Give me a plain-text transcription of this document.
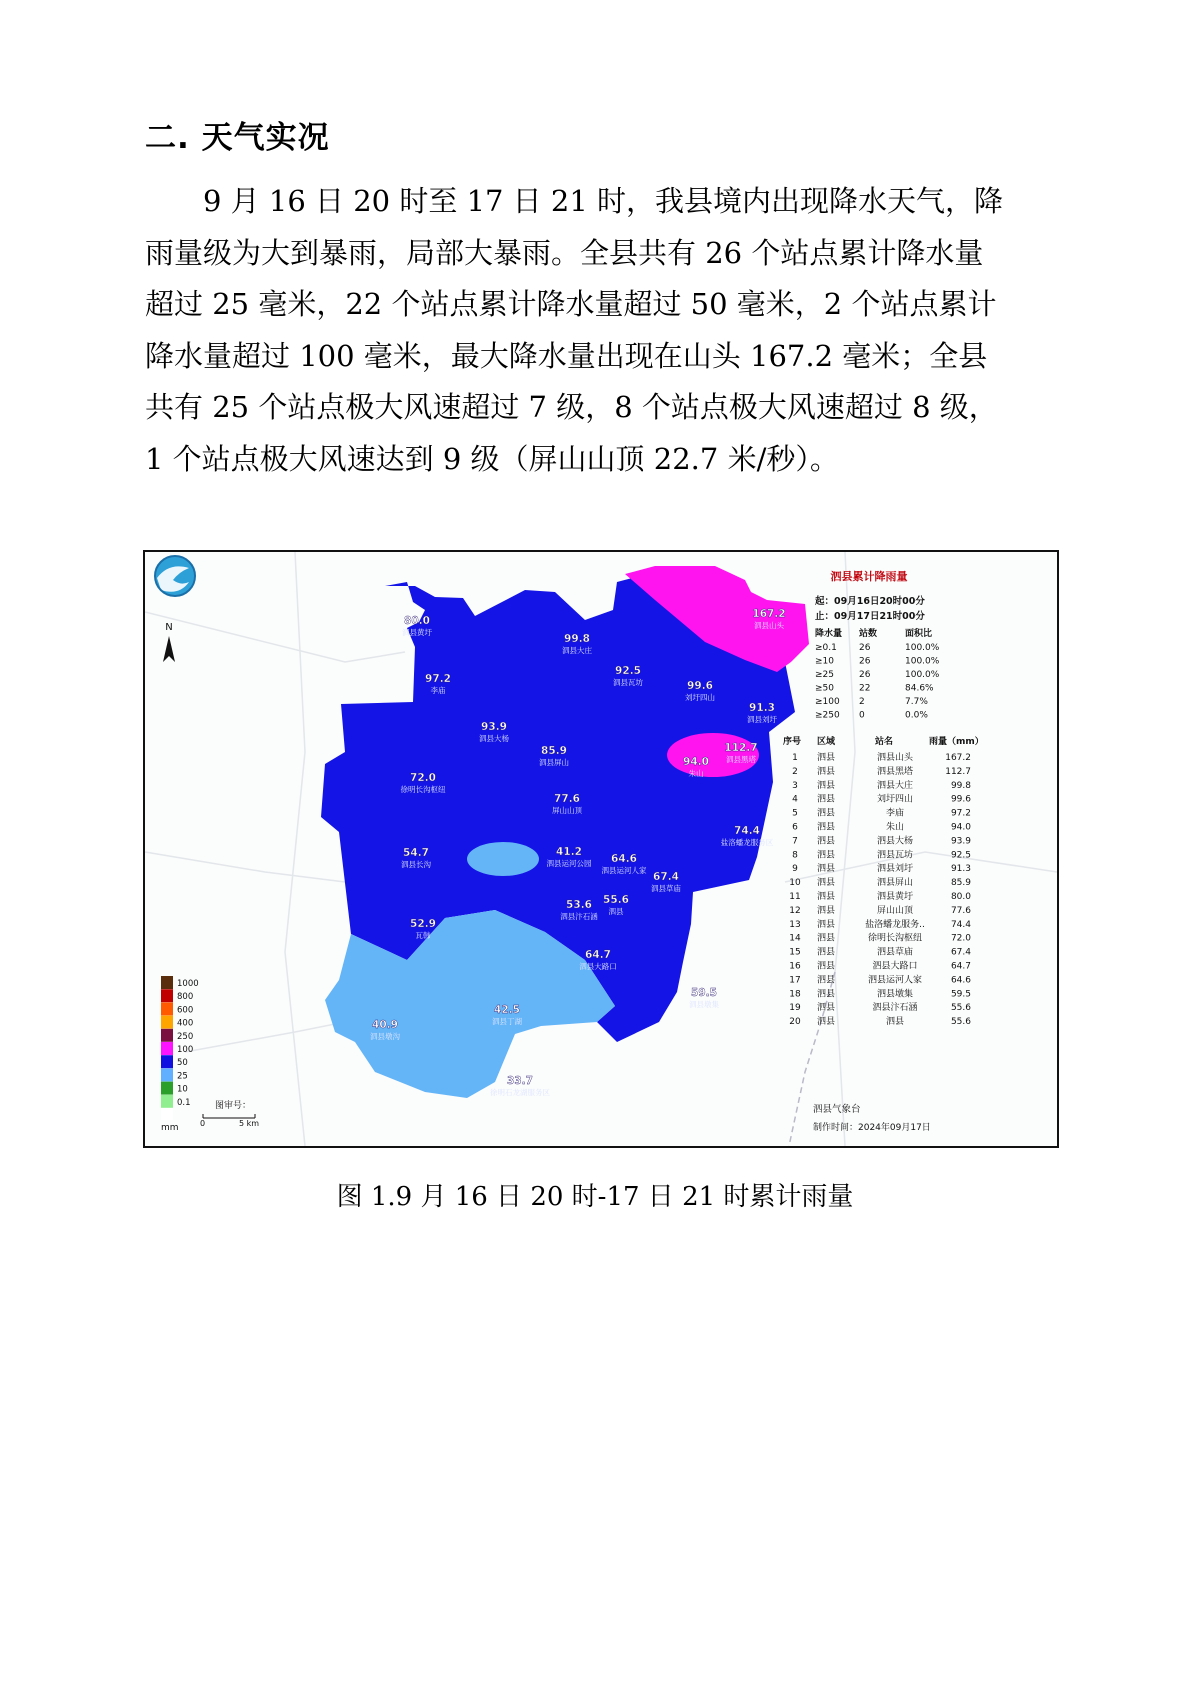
二. 天气实况
9 月 16 日 20 时至 17 日 21 时，我县境内出现降水天气，降
雨量级为大到暴雨，局部大暴雨。全县共有 26 个站点累计降水量
超过 25 毫米，22 个站点累计降水量超过 50 毫米，2 个站点累计
降水量超过 100 毫米，最大降水量出现在山头 167.2 毫米；全县
共有 25 个站点极大风速超过 7 级，8 个站点极大风速超过 8 级，
1 个站点极大风速达到 9 级（屏山山顶 22.7 米/秒）。
N
80.0
泗县黄圩
99.8
泗县大庄
167.2
泗县山头
92.5
泗县瓦坊
97.2
李庙	99.6
刘圩四山
91.3
泗县刘圩
93.9
泗县大杨
85.9
泗县屏山
112.7
泗县黑塔
94.0
朱山
72.0
徐明长沟枢纽
77.6
屏山山顶
74.4
盐洛蟠龙服务区
54.7
泗县长沟
41.2
泗县运河公园 64.6
泗县运河人家
67.4
泗县草庙
53.6
泗县汴石涵
55.6
泗县
52.9
瓦韩
64.7
泗县大路口
59.5
泗县墩集
40.9
泗县墩沟
42.5
泗县丁湖
33.7
徐明石龙湖服务区
1000
800
600
400
250
100
50
25
10
0.1
mm
图审号：
0	5 km
泗县累计降雨量
起：09月16日20时00分
止：09月17日21时00分
降水量 站数	面积比
≥0.1 26	100.0%
≥10	26	100.0%
≥25	26	100.0%
≥50	22	84.6%
≥100 2	7.7%
≥250 0	0.0%
序号 区域	站名	雨量（mm）
1 泗县	泗县山头	167.2
2 泗县	泗县黑塔	112.7
3 泗县	泗县大庄	99.8
4 泗县	刘圩四山	99.6
5 泗县	李庙	97.2
6 泗县	朱山	94.0
7 泗县	泗县大杨	93.9
8 泗县	泗县瓦坊	92.5
9 泗县	泗县刘圩	91.3
10 泗县	泗县屏山	85.9
11 泗县	泗县黄圩	80.0
12 泗县	屏山山顶	77.6
13 泗县	盐洛蟠龙服务..	74.4
14 泗县	徐明长沟枢纽	72.0
15 泗县	泗县草庙	67.4
16 泗县	泗县大路口	64.7
17 泗县	泗县运河人家	64.6
18 泗县	泗县墩集	59.5
19 泗县	泗县汴石涵	55.6
20 泗县	泗县	55.6
泗县气象台
制作时间：2024年09月17日
图 1.9 月 16 日 20 时-17 日 21 时累计雨量
